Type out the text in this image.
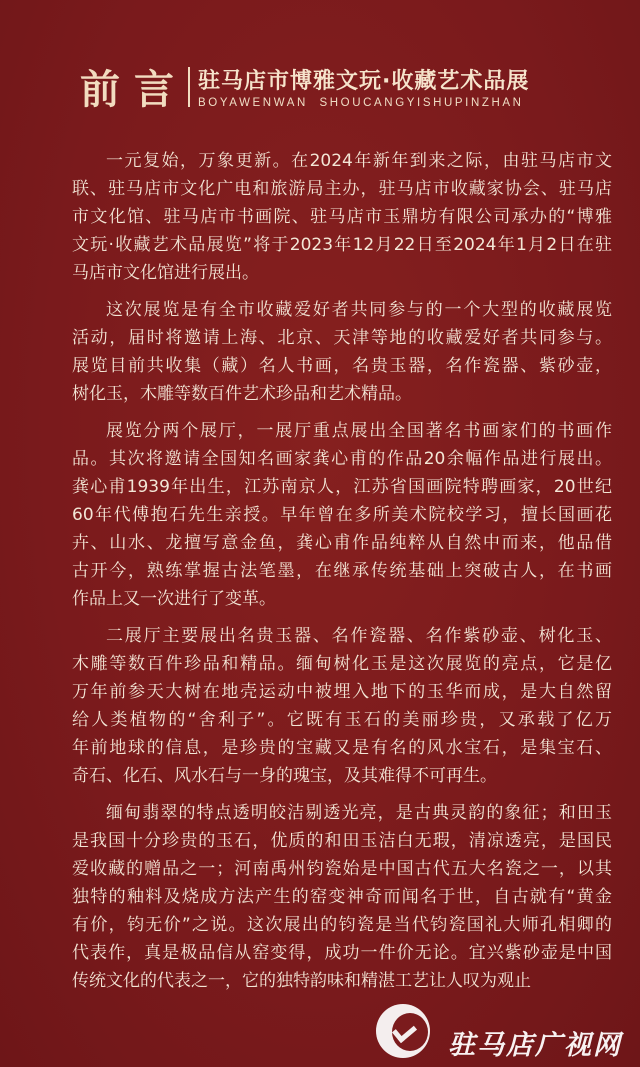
前言 驻马店市博雅文玩·收藏艺术品展
BOYAWENWAN  SHOUCANGYISHUPINZHAN
一元复始，万象更新。在2024年新年到来之际，由驻马店市文
联、驻马店市文化广电和旅游局主办，驻马店市收藏家协会、驻马店
市文化馆、驻马店市书画院、驻马店市玉鼎坊有限公司承办的“博雅
文玩·收藏艺术品展览”将于2023年12月22日至2024年1月2日在驻
马店市文化馆进行展出。
这次展览是有全市收藏爱好者共同参与的一个大型的收藏展览
活动，届时将邀请上海、北京、天津等地的收藏爱好者共同参与。
展览目前共收集（藏）名人书画，名贵玉器，名作瓷器、紫砂壶，
树化玉，木雕等数百件艺术珍品和艺术精品。
展览分两个展厅，一展厅重点展出全国著名书画家们的书画作
品。其次将邀请全国知名画家龚心甫的作品20余幅作品进行展出。
龚心甫1939年出生，江苏南京人，江苏省国画院特聘画家，20世纪
60年代傅抱石先生亲授。早年曾在多所美术院校学习，擅长国画花
卉、山水、龙擅写意金鱼，龚心甫作品纯粹从自然中而来，他品借
古开今，熟练掌握古法笔墨，在继承传统基础上突破古人，在书画
作品上又一次进行了变革。
二展厅主要展出名贵玉器、名作瓷器、名作紫砂壶、树化玉、
木雕等数百件珍品和精品。缅甸树化玉是这次展览的亮点，它是亿
万年前参天大树在地壳运动中被埋入地下的玉华而成，是大自然留
给人类植物的“舍利子”。它既有玉石的美丽珍贵，又承载了亿万
年前地球的信息，是珍贵的宝藏又是有名的风水宝石，是集宝石、
奇石、化石、风水石与一身的瑰宝，及其难得不可再生。
缅甸翡翠的特点透明皎洁剔透光亮，是古典灵韵的象征；和田玉
是我国十分珍贵的玉石，优质的和田玉洁白无瑕，清凉透亮，是国民
爱收藏的赠品之一；河南禹州钧瓷始是中国古代五大名瓷之一，以其
独特的釉料及烧成方法产生的窑变神奇而闻名于世，自古就有“黄金
有价，钧无价”之说。这次展出的钧瓷是当代钧瓷国礼大师孔相卿的
代表作，真是极品信从窑变得，成功一件价无论。宜兴紫砂壶是中国
传统文化的代表之一，它的独特韵味和精湛工艺让人叹为观止
驻马店广视网
